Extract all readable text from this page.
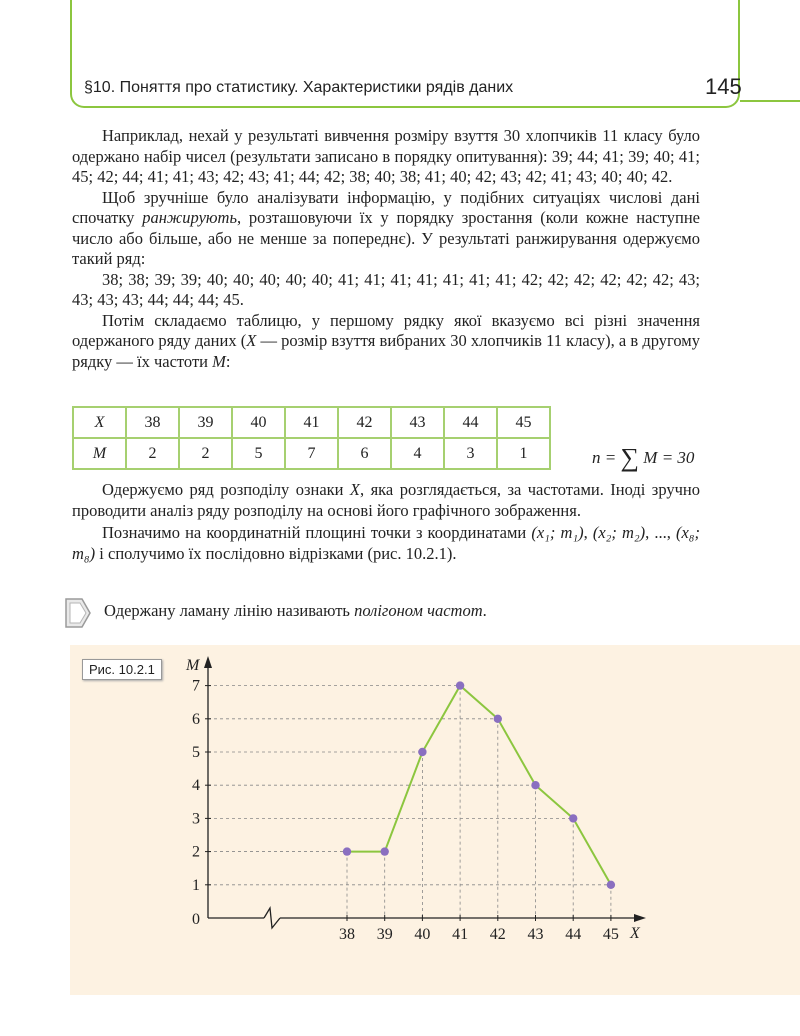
§10. Поняття про статистику. Характеристики рядів даних	145

Наприклад, нехай у результаті вивчення розміру взуття 30 хлопчиків 11 класу було одержано набір чисел (результати записано в порядку опитування): 39; 44; 41; 39; 40; 41; 45; 42; 44; 41; 41; 43; 42; 43; 41; 44; 42; 38; 40; 38; 41; 40; 42; 43; 42; 41; 43; 40; 40; 42.

Щоб зручніше було аналізувати інформацію, у подібних ситуаціях числові дані спочатку ранжирують, розташовуючи їх у порядку зростання (коли кожне наступне число або більше, або не менше за попереднє). У результаті ранжирування одержуємо такий ряд:

38; 38; 39; 39; 40; 40; 40; 40; 40; 41; 41; 41; 41; 41; 41; 41; 42; 42; 42; 42; 42; 42; 43; 43; 43; 43; 44; 44; 44; 45.

Потім складаємо таблицю, у першому рядку якої вказуємо всі різні значення одержаного ряду даних (X — розмір взуття вибраних 30 хлопчиків 11 класу), а в другому рядку — їх частоти M:

X	38	39	40	41	42	43	44	45
M	2	2	5	7	6	4	3	1	n = ∑ M = 30

Одержуємо ряд розподілу ознаки X, яка розглядається, за частотами. Іноді зручно проводити аналіз ряду розподілу на основі його графічного зображення.

Позначимо на координатній площині точки з координатами (x₁; m₁), (x₂; m₂), ..., (x₈; m₈) і сполучимо їх послідовно відрізками (рис. 10.2.1).

Одержану ламану лінію називають полігоном частот.
Рис. 10.2.1
1
2
3
4
5
6
7
38 39 40 41 42 43 44 45
M
X
0
